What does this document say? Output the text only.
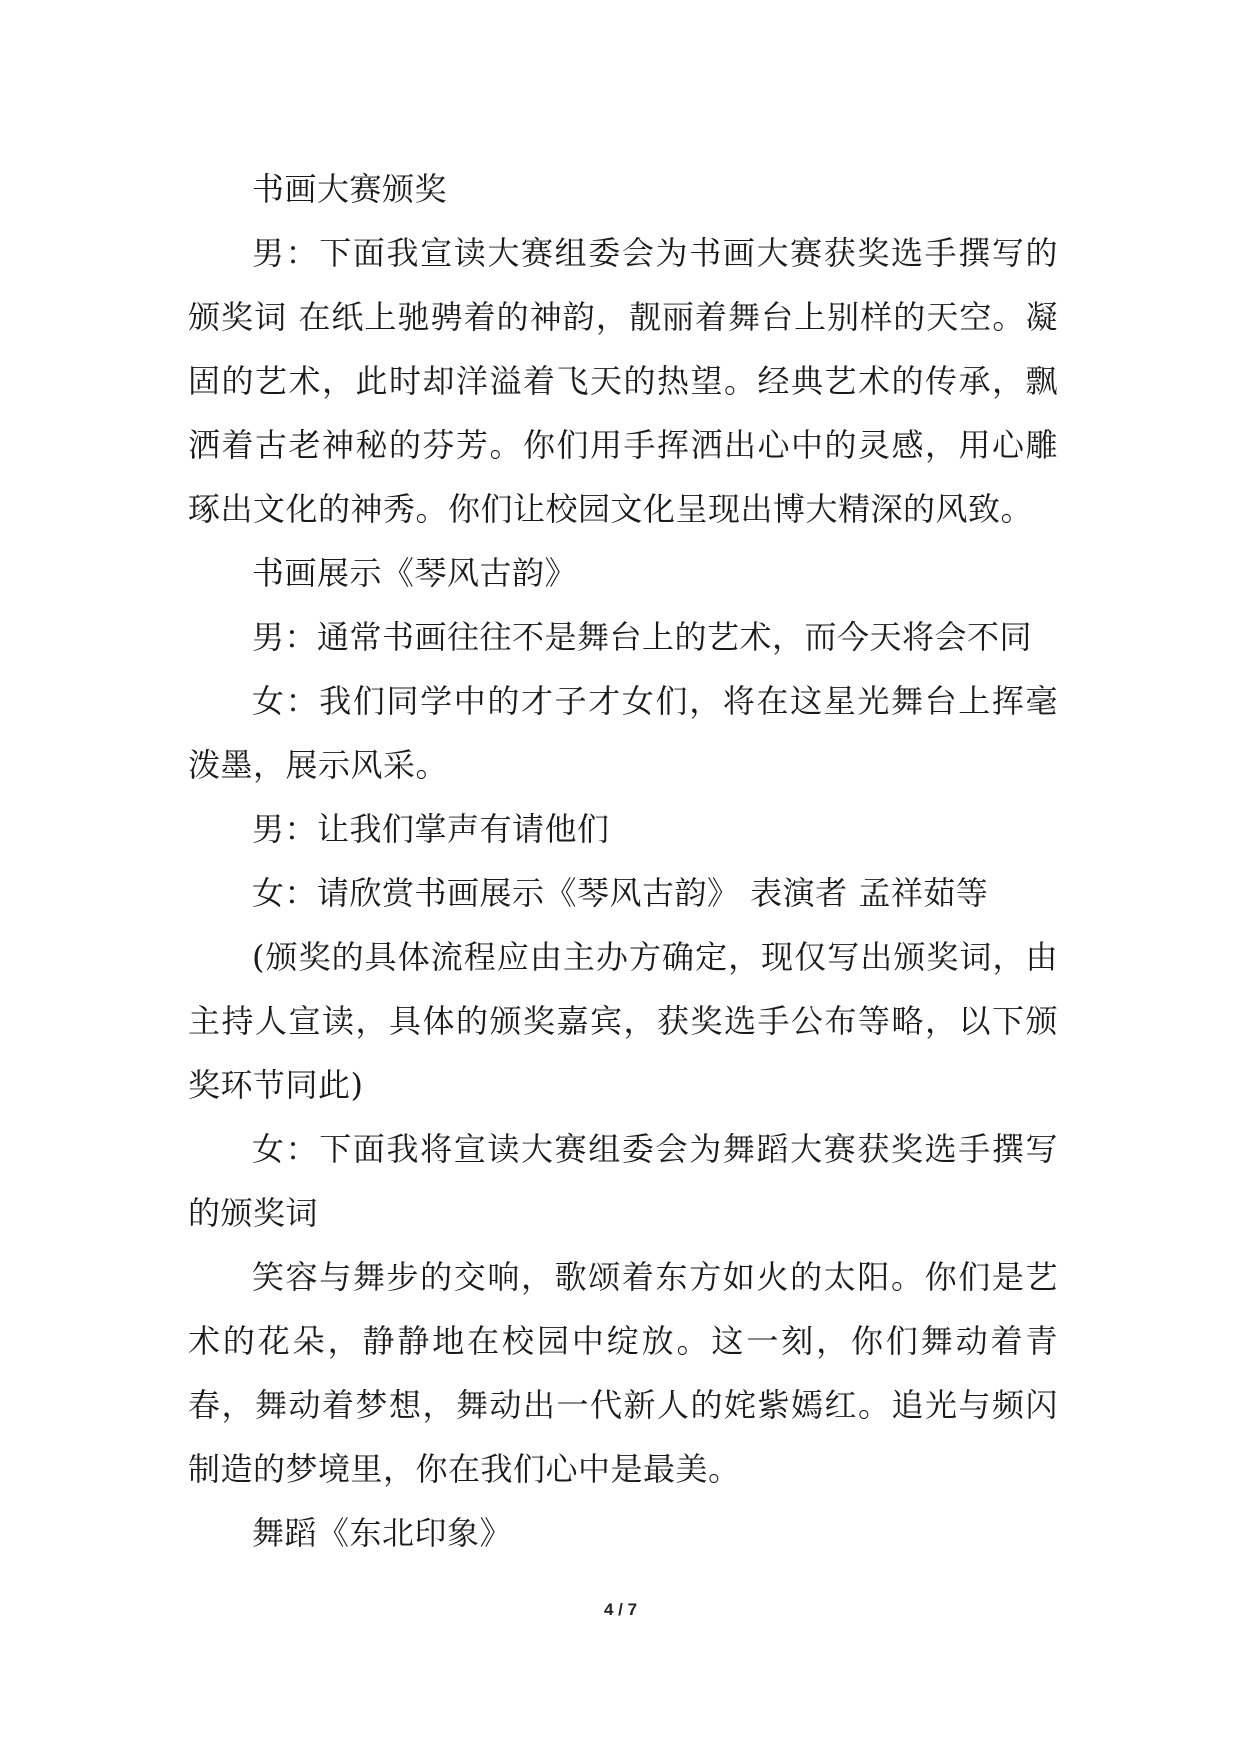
书画大赛颁奖

男：下面我宣读大赛组委会为书画大赛获奖选手撰写的颁奖词 在纸上驰骋着的神韵，靓丽着舞台上别样的天空。凝固的艺术，此时却洋溢着飞天的热望。经典艺术的传承，飘洒着古老神秘的芬芳。你们用手挥洒出心中的灵感，用心雕琢出文化的神秀。你们让校园文化呈现出博大精深的风致。

书画展示《琴风古韵》

男：通常书画往往不是舞台上的艺术，而今天将会不同

女：我们同学中的才子才女们，将在这星光舞台上挥毫泼墨，展示风采。

男：让我们掌声有请他们

女：请欣赏书画展示《琴风古韵》 表演者 孟祥茹等

(颁奖的具体流程应由主办方确定，现仅写出颁奖词，由主持人宣读，具体的颁奖嘉宾，获奖选手公布等略，以下颁奖环节同此)

女：下面我将宣读大赛组委会为舞蹈大赛获奖选手撰写的颁奖词

笑容与舞步的交响，歌颂着东方如火的太阳。你们是艺术的花朵，静静地在校园中绽放。这一刻，你们舞动着青春，舞动着梦想，舞动出一代新人的姹紫嫣红。追光与频闪制造的梦境里，你在我们心中是最美。

舞蹈《东北印象》

4 / 7
